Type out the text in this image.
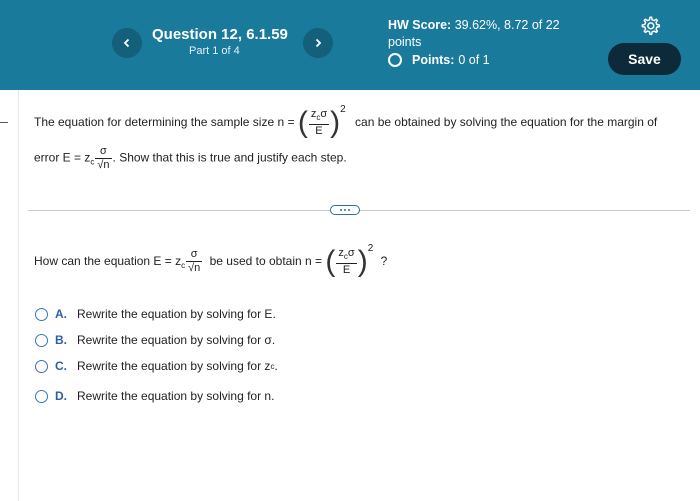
Question 12, 6.1.59
Part 1 of 4
HW Score: 39.62%, 8.72 of 22 points
Points: 0 of 1	Save
The equation for determining the sample size n = ( $\frac{z_c\sigma}{E} )^2$ can be obtained by solving the equation for the margin of
error $E = z_c \frac{\sigma}{√n}$ . Show that this is true and justify each step.
How can the equation $E = z_c \frac{\sigma}{√n}$ be used to obtain n = ( $\frac{z_c\sigma}{E} )^2$ ?
A. Rewrite the equation by solving for E.
B. Rewrite the equation by solving for σ.
C. Rewrite the equation by solving for z c .
D. Rewrite the equation by solving for n.
